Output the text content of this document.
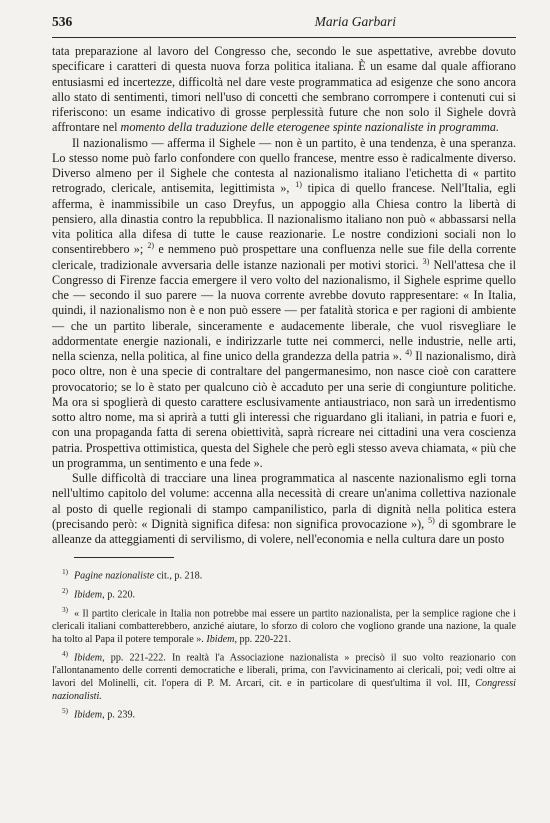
536	Maria Garbari

tata preparazione al lavoro del Congresso che, secondo le sue aspettative, avrebbe dovuto specificare i caratteri di questa nuova forza politica italiana. È un esame dal quale affiorano entusiasmi ed incertezze, difficoltà nel dare veste programmatica ad esigenze che sono ancora allo stato di sentimenti, timori nell'uso di concetti che sembrano corrompere i contenuti cui si riferiscono: un esame indicativo di grosse perplessità future che non solo il Sighele dovrà affrontare nel momento della traduzione delle eterogenee spinte nazionaliste in programma.

Il nazionalismo — afferma il Sighele — non è un partito, è una tendenza, è una speranza. Lo stesso nome può farlo confondere con quello francese, mentre esso è radicalmente diverso. Diverso almeno per il Sighele che contesta al nazionalismo italiano l'etichetta di « partito retrogrado, clericale, antisemita, legittimista », $^{1)}$ tipica di quello francese. Nell'Italia, egli afferma, è inammissibile un caso Dreyfus, un appoggio alla Chiesa contro la libertà di pensiero, alla dinastia contro la repubblica. Il nazionalismo italiano non può « abbassarsi nella vita politica alla difesa di tutte le cause reazionarie. Le nostre condizioni sociali non lo consentirebbero »; $^{2)}$ e nemmeno può prospettare una confluenza nelle sue file della corrente clericale, tradizionale avversaria delle istanze nazionali per motivi storici. $^{3)}$ Nell'attesa che il Congresso di Firenze faccia emergere il vero volto del nazionalismo, il Sighele esprime quello che — secondo il suo parere — la nuova corrente avrebbe dovuto rappresentare: « In Italia, quindi, il nazionalismo non è e non può essere — per fatalità storica e per ragioni di ambiente — che un partito liberale, sinceramente e audacemente liberale, che vuol risvegliare le addormentate energie nazionali, e indirizzarle tutte nei commerci, nelle industrie, nelle arti, nella scienza, nella politica, al fine unico della grandezza della patria ». $^{4)}$ Il nazionalismo, dirà poco oltre, non è una specie di contraltare del pangermanesimo, non nasce cioè con carattere provocatorio; se lo è stato per qualcuno ciò è accaduto per una serie di congiunture politiche. Ma ora si spoglierà di questo carattere esclusivamente antiaustriaco, non sarà un irredentismo sotto altro nome, ma si aprirà a tutti gli interessi che riguardano gli italiani, in patria e fuori e, con una propaganda fatta di serena obiettività, saprà ricreare nei cittadini una vera coscienza patria. Prospettiva ottimistica, questa del Sighele che però egli stesso aveva chiamata, « più che un programma, un sentimento e una fede ».

Sulle difficoltà di tracciare una linea programmatica al nascente nazionalismo egli torna nell'ultimo capitolo del volume: accenna alla necessità di creare un'anima collettiva nazionale al posto di quelle regionali di stampo campanilistico, parla di dignità nella politica estera (precisando però: « Dignità significa difesa: non significa provocazione »), $^{5)}$ di sgombrare le alleanze da atteggiamenti di servilismo, di volere, nell'economia e nella cultura dare un posto

$^{1)}$ Pagine nazionaliste cit., p. 218.
$^{2)}$ Ibidem, p. 220.
$^{3)}$ « Il partito clericale in Italia non potrebbe mai essere un partito nazionalista, per la semplice ragione che i clericali italiani combatterebbero, anziché aiutare, lo sforzo di coloro che vogliono grande una nazione, la quale ha tolto al Papa il potere temporale ». Ibidem, pp. 220-221.
$^{4)}$ Ibidem, pp. 221-222. In realtà l'a Associazione nazionalista » precisò il suo volto reazionario con l'allontanamento delle correnti democratiche e liberali, prima, con l'avvicinamento ai clericali, poi; vedi oltre ai lavori del Molinelli, cit. l'opera di P. M. Arcari, cit. e in particolare di quest'ultima il vol. III, Congressi nazionalisti.
$^{5)}$ Ibidem, p. 239.
